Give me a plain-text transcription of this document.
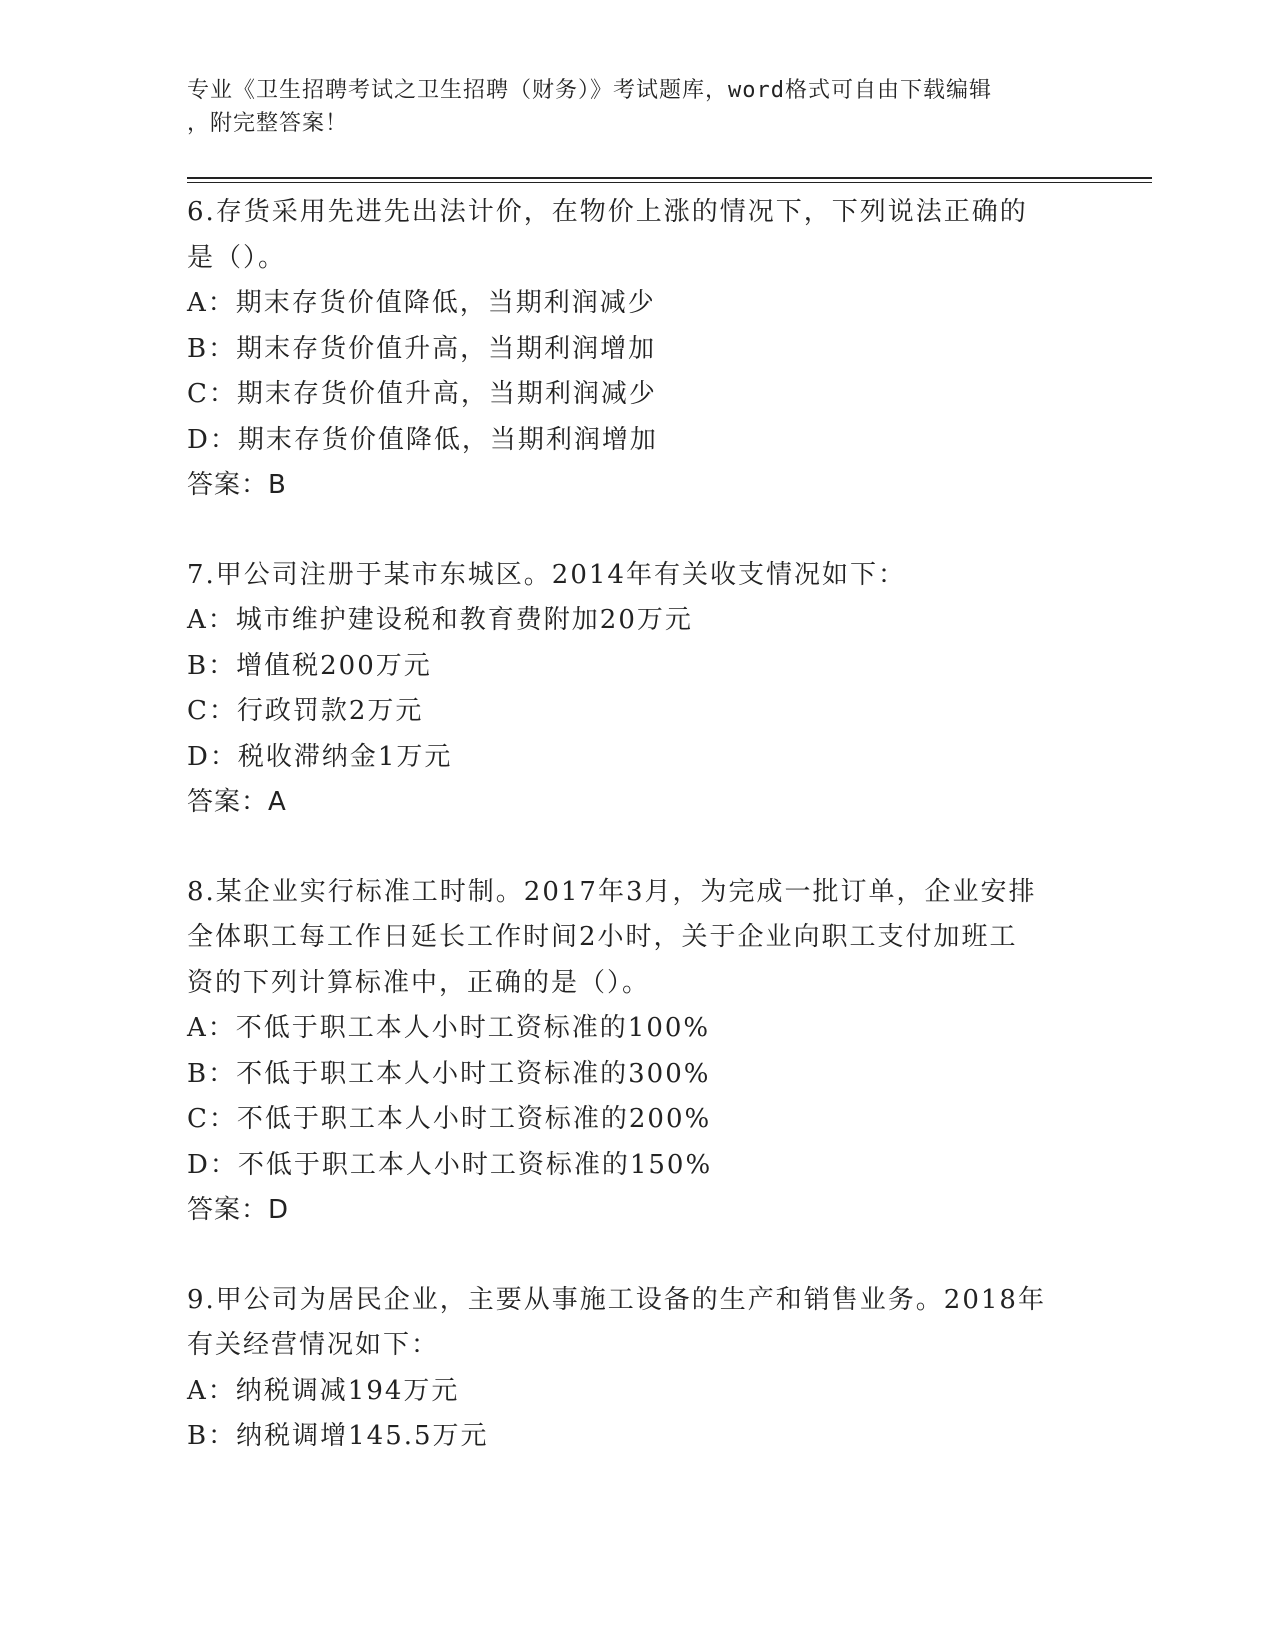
专业《卫生招聘考试之卫生招聘（财务）》考试题库，word格式可自由下载编辑
，附完整答案！
6.存货采用先进先出法计价，在物价上涨的情况下，下列说法正确的
是（）。
A：期末存货价值降低，当期利润减少
B：期末存货价值升高，当期利润增加
C：期末存货价值升高，当期利润减少
D：期末存货价值降低，当期利润增加
答案：B
7.甲公司注册于某市东城区。2014年有关收支情况如下：
A：城市维护建设税和教育费附加20万元
B：增值税200万元
C：行政罚款2万元
D：税收滞纳金1万元
答案：A
8.某企业实行标准工时制。2017年3月，为完成一批订单，企业安排
全体职工每工作日延长工作时间2小时，关于企业向职工支付加班工
资的下列计算标准中，正确的是（）。
A：不低于职工本人小时工资标准的100%
B：不低于职工本人小时工资标准的300%
C：不低于职工本人小时工资标准的200%
D：不低于职工本人小时工资标准的150%
答案：D
9.甲公司为居民企业，主要从事施工设备的生产和销售业务。2018年
有关经营情况如下：
A：纳税调减194万元
B：纳税调增145.5万元
